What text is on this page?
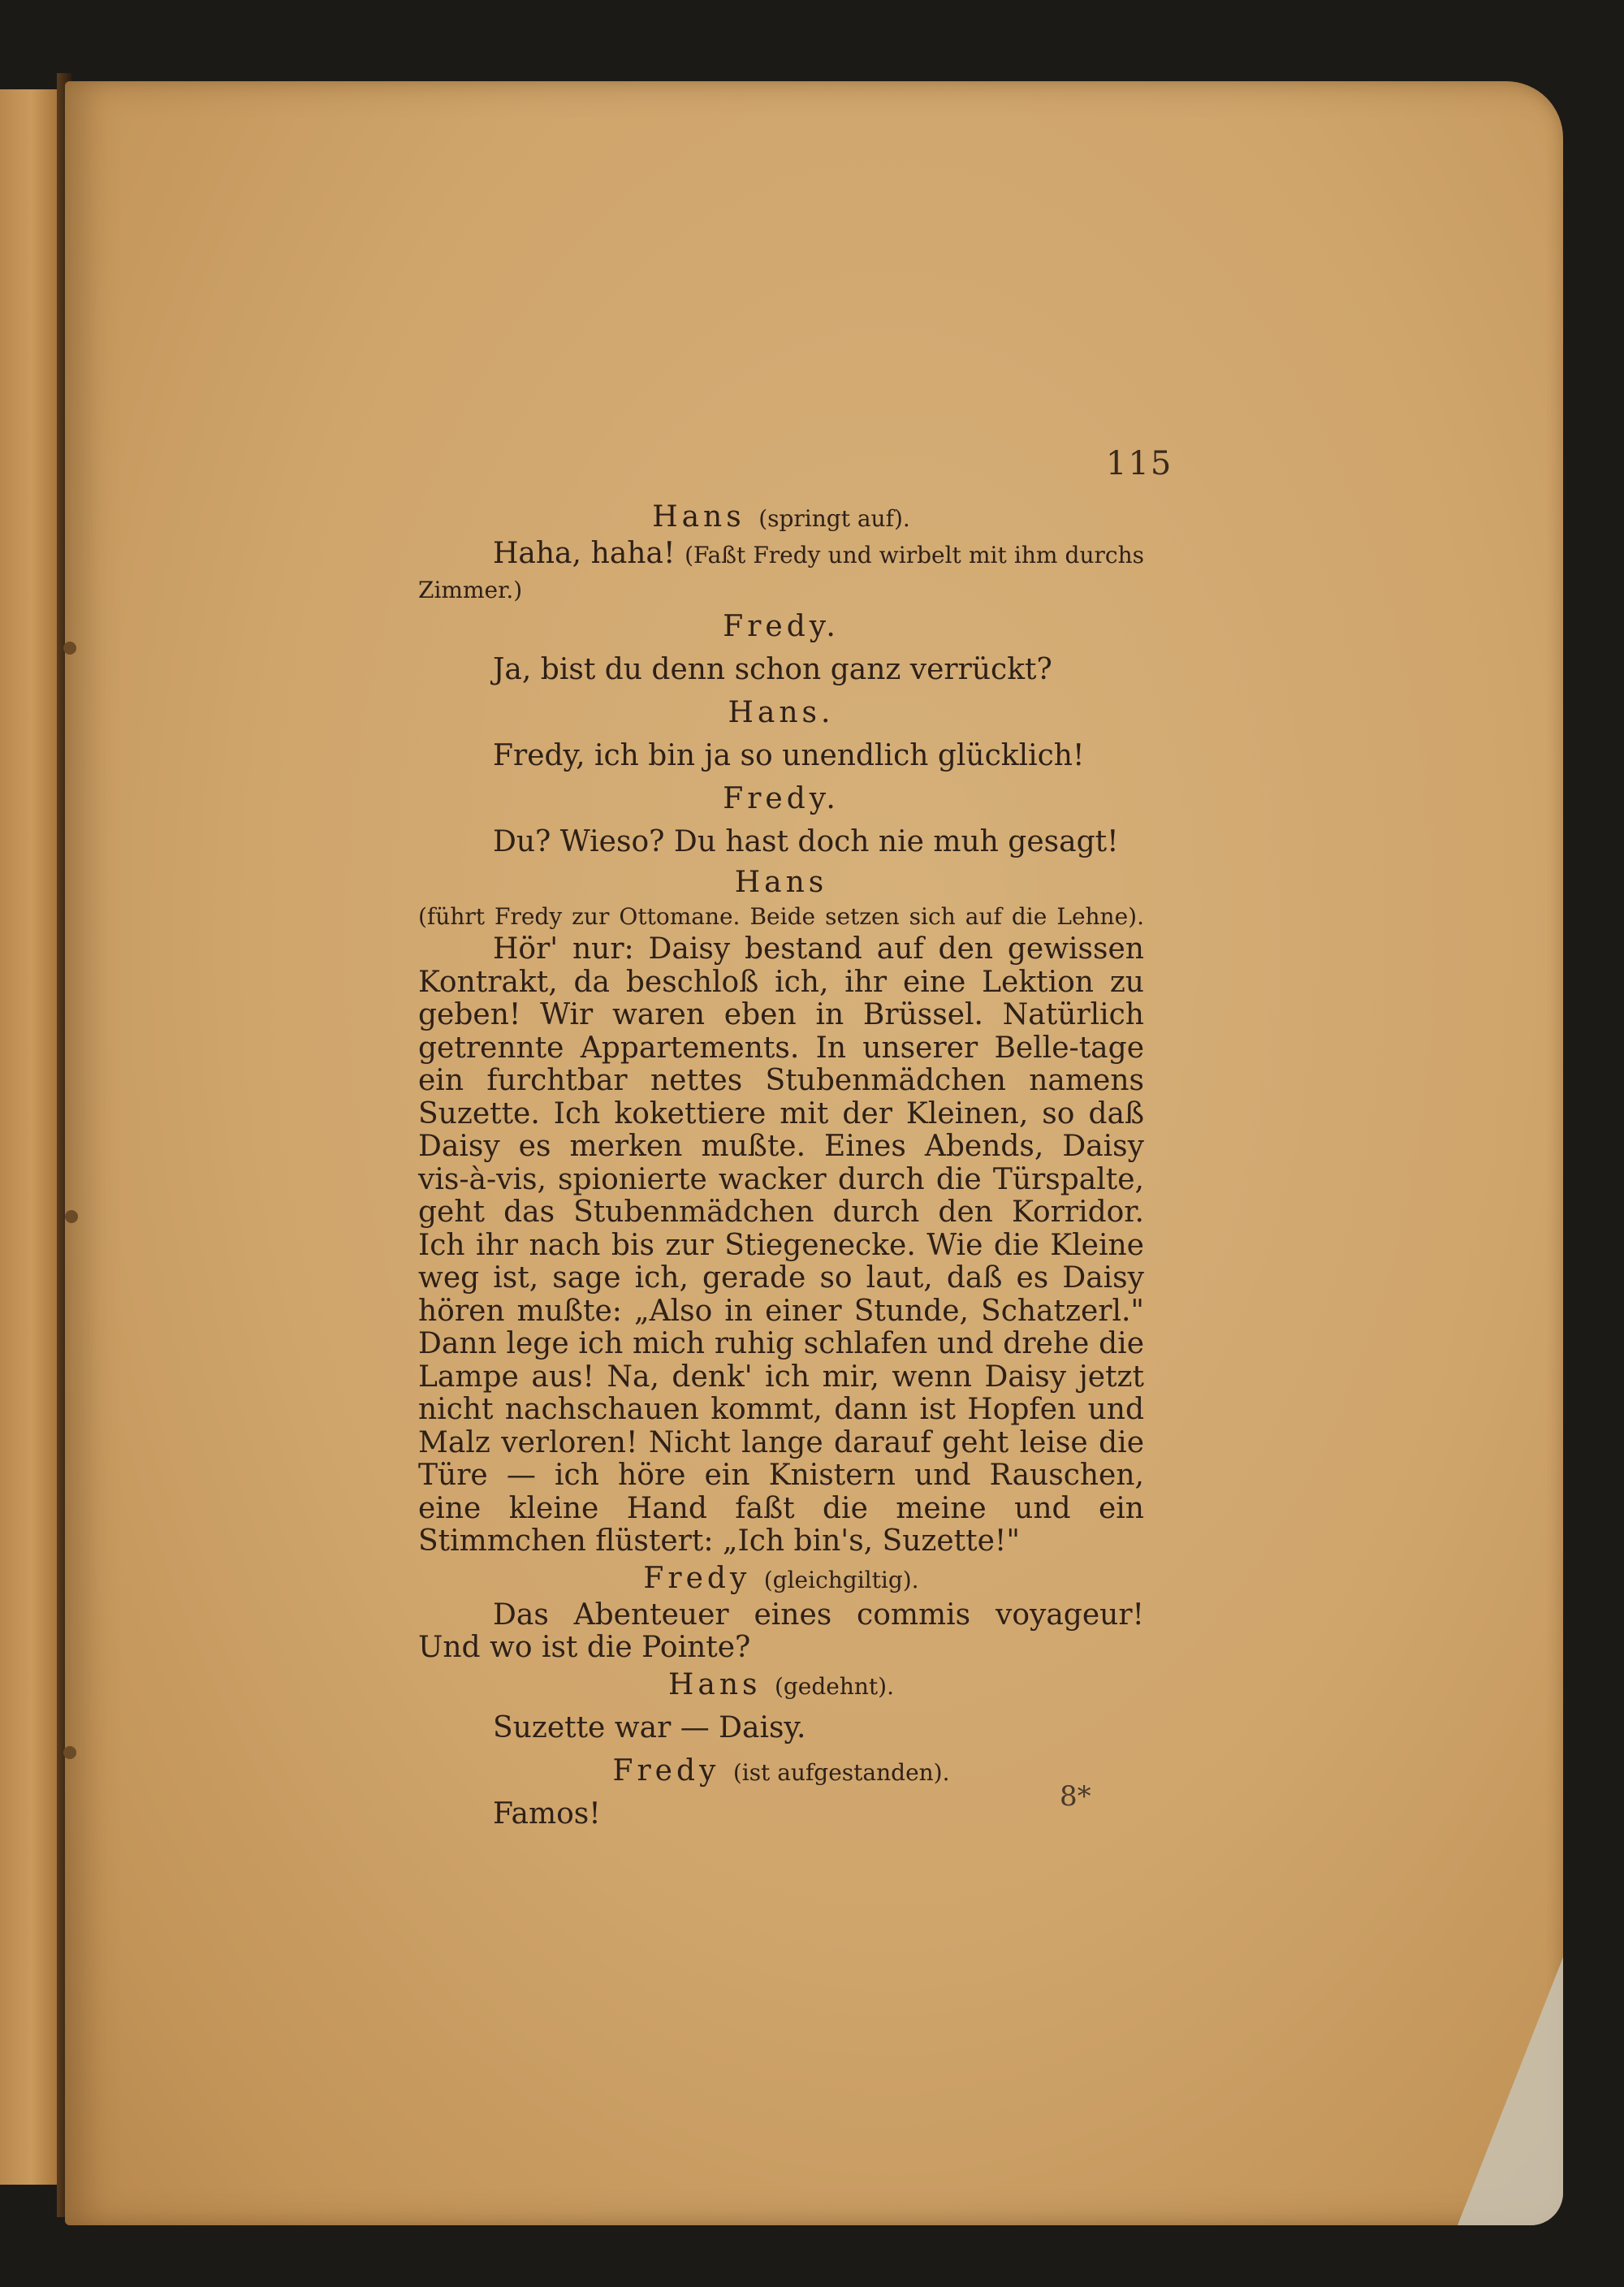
115

Hans (springt auf).

Haha, haha! (Faßt Fredy und wirbelt mit ihm durchs Zimmer.)

Fredy.

Ja, bist du denn schon ganz verrückt?

Hans.

Fredy, ich bin ja so unendlich glücklich!

Fredy.

Du? Wieso? Du hast doch nie muh gesagt!

Hans
(führt Fredy zur Ottomane. Beide setzen sich auf die Lehne).

Hör' nur: Daisy bestand auf den gewissen Kontrakt, da beschloß ich, ihr eine Lektion zu geben! Wir waren eben in Brüssel. Natürlich getrennte Appartements. In unserer Belle-tage ein furchtbar nettes Stubenmädchen namens Suzette. Ich kokettiere mit der Kleinen, so daß Daisy es merken mußte. Eines Abends, Daisy vis-à-vis, spionierte wacker durch die Türspalte, geht das Stubenmädchen durch den Korridor. Ich ihr nach bis zur Stiegenecke. Wie die Kleine weg ist, sage ich, gerade so laut, daß es Daisy hören mußte: „Also in einer Stunde, Schatzerl." Dann lege ich mich ruhig schlafen und drehe die Lampe aus! Na, denk' ich mir, wenn Daisy jetzt nicht nachschauen kommt, dann ist Hopfen und Malz verloren! Nicht lange darauf geht leise die Türe — ich höre ein Knistern und Rauschen, eine kleine Hand faßt die meine und ein Stimmchen flüstert: „Ich bin's, Suzette!"

Fredy (gleichgiltig).

Das Abenteuer eines commis voyageur! Und wo ist die Pointe?

Hans (gedehnt).

Suzette war — Daisy.

Fredy (ist aufgestanden).

Famos!

8*
